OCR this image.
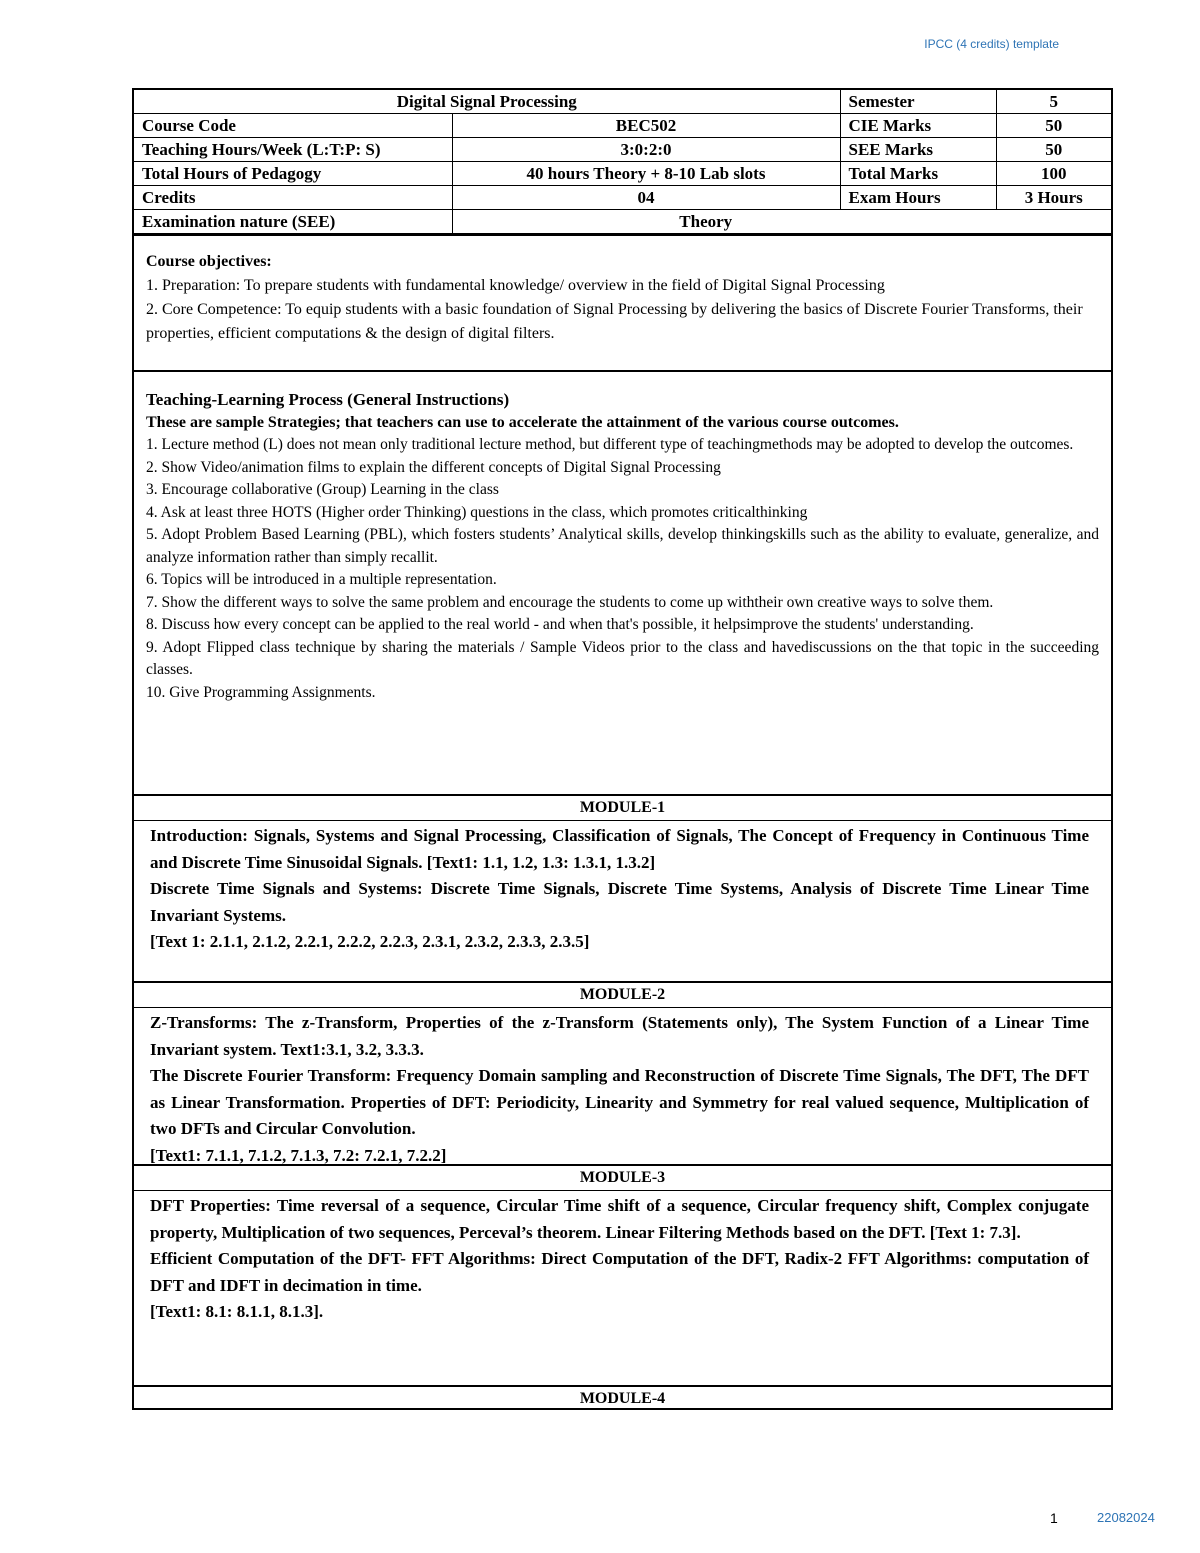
IPCC (4 credits) template
Digital Signal Processing		Semester	5
Course Code	BEC502	CIE Marks	50
Teaching Hours/Week (L:T:P: S)	3:0:2:0	SEE Marks	50
Total Hours of Pedagogy	40 hours Theory + 8-10 Lab slots	Total Marks	100
Credits	04	Exam Hours	3 Hours
Examination nature (SEE)	Theory		
Course objectives:

1. Preparation: To prepare students with fundamental knowledge/ overview in the field of Digital Signal Processing

2. Core Competence: To equip students with a basic foundation of Signal Processing by delivering the basics of Discrete Fourier Transforms, their properties, efficient computations & the design of digital filters.

Teaching-Learning Process (General Instructions)
These are sample Strategies; that teachers can use to accelerate the attainment of the various course outcomes.

1. Lecture method (L) does not mean only traditional lecture method, but different type of teachingmethods may be adopted to develop the outcomes.

2. Show Video/animation films to explain the different concepts of Digital Signal Processing

3. Encourage collaborative (Group) Learning in the class

4. Ask at least three HOTS (Higher order Thinking) questions in the class, which promotes criticalthinking

5. Adopt Problem Based Learning (PBL), which fosters students’ Analytical skills, develop thinkingskills such as the ability to evaluate, generalize, and analyze information rather than simply recallit.

6. Topics will be introduced in a multiple representation.

7. Show the different ways to solve the same problem and encourage the students to come up withtheir own creative ways to solve them.

8. Discuss how every concept can be applied to the real world - and when that's possible, it helpsimprove the students' understanding.

9. Adopt Flipped class technique by sharing the materials / Sample Videos prior to the class and havediscussions on the that topic in the succeeding classes.

10. Give Programming Assignments.

MODULE-1

Introduction: Signals, Systems and Signal Processing, Classification of Signals, The Concept of Frequency in Continuous Time and Discrete Time Sinusoidal Signals. [Text1: 1.1, 1.2, 1.3: 1.3.1, 1.3.2]

Discrete Time Signals and Systems: Discrete Time Signals, Discrete Time Systems, Analysis of Discrete Time Linear Time Invariant Systems.

[Text 1: 2.1.1, 2.1.2, 2.2.1, 2.2.2, 2.2.3, 2.3.1, 2.3.2, 2.3.3, 2.3.5]

MODULE-2

Z-Transforms: The z-Transform, Properties of the z-Transform (Statements only), The System Function of a Linear Time Invariant system. Text1:3.1, 3.2, 3.3.3.

The Discrete Fourier Transform: Frequency Domain sampling and Reconstruction of Discrete Time Signals, The DFT, The DFT as Linear Transformation. Properties of DFT: Periodicity, Linearity and Symmetry for real valued sequence, Multiplication of two DFTs and Circular Convolution.

[Text1: 7.1.1, 7.1.2, 7.1.3, 7.2: 7.2.1, 7.2.2]

MODULE-3

DFT Properties: Time reversal of a sequence, Circular Time shift of a sequence, Circular frequency shift, Complex conjugate property, Multiplication of two sequences, Perceval’s theorem. Linear Filtering Methods based on the DFT. [Text 1: 7.3].

Efficient Computation of the DFT- FFT Algorithms: Direct Computation of the DFT, Radix-2 FFT Algorithms: computation of DFT and IDFT in decimation in time.

[Text1: 8.1: 8.1.1, 8.1.3].

MODULE-4
1	22082024
